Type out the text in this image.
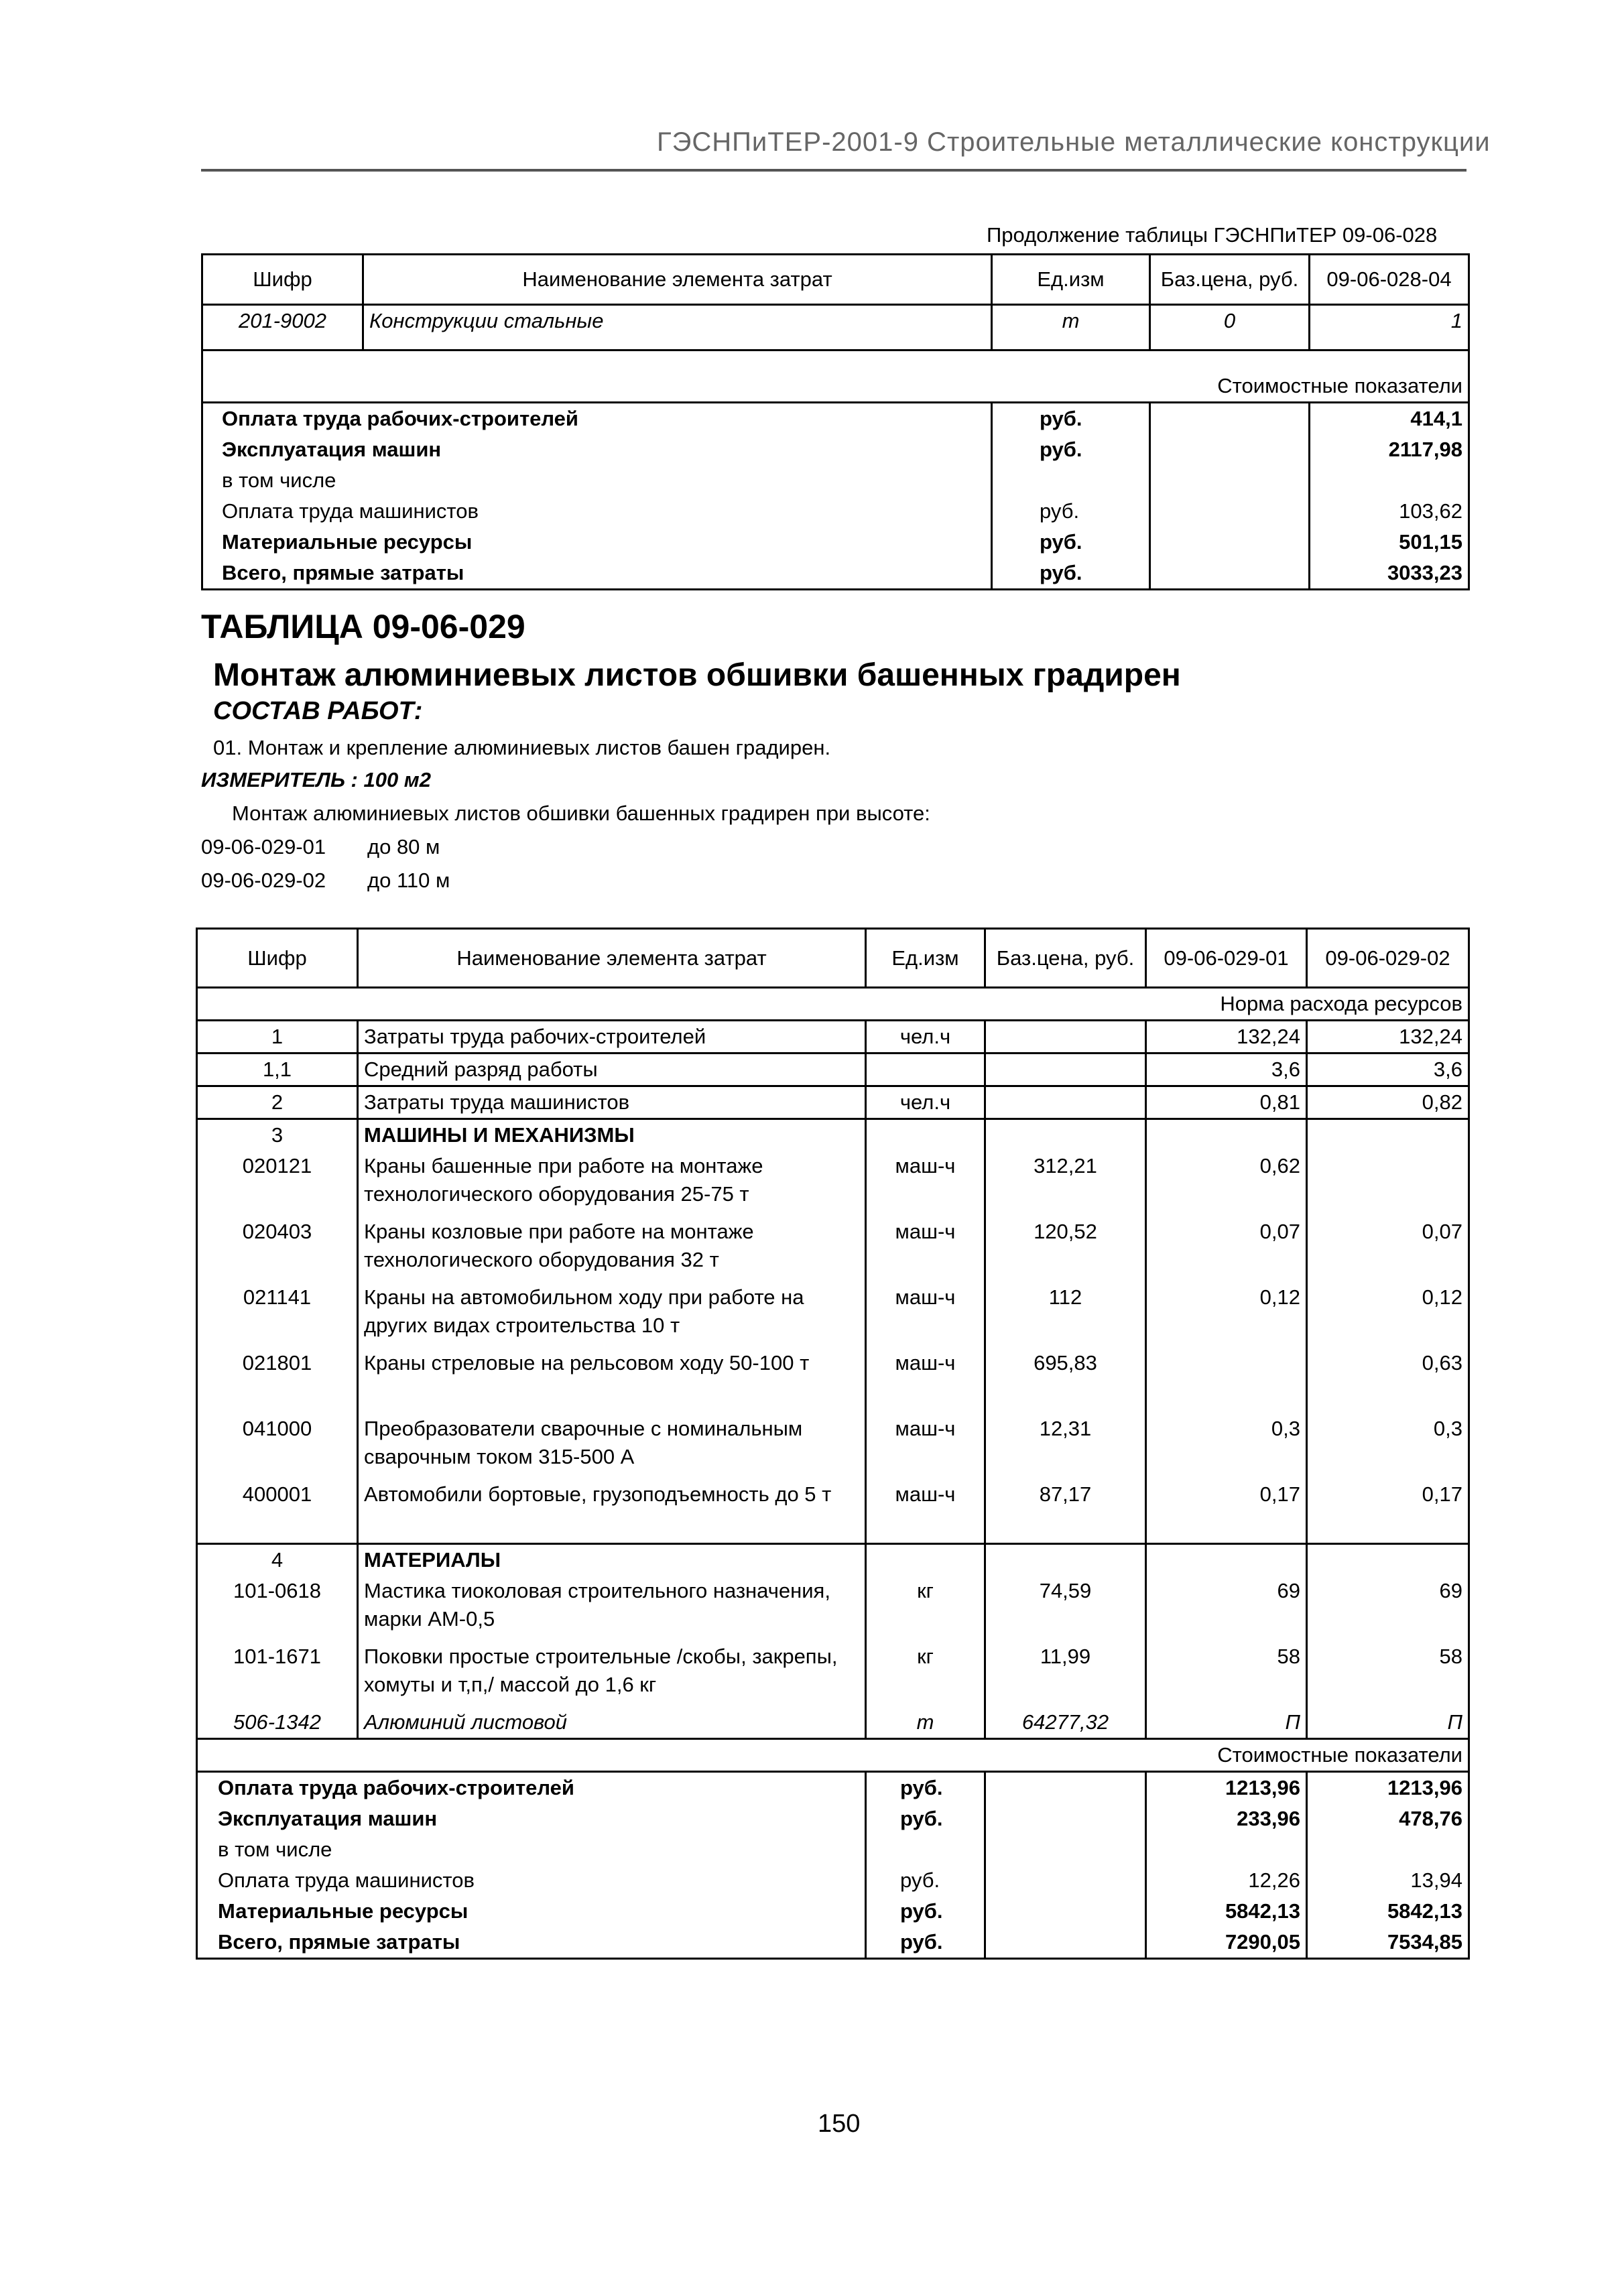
ГЭСНПиТЕР-2001-9 Строительные металлические конструкции
Продолжение таблицы ГЭСНПиТЕР 09-06-028
Шифр	Наименование элемента затрат	Ед.изм	Баз.цена, руб.	09-06-028-04
201-9002	Конструкции стальные	т	0	1

Стоимостные показатели				
Оплата труда рабочих-строителей		руб.		414,1
Эксплуатация машин		руб.		2117,98
в том числе				
Оплата труда машинистов		руб.		103,62
Материальные ресурсы		руб.		501,15
Всего, прямые затраты		руб.		3033,23
ТАБЛИЦА 09-06-029
Монтаж алюминиевых листов обшивки башенных градирен
СОСТАВ РАБОТ:
01. Монтаж и крепление алюминиевых листов башен градирен.
ИЗМЕРИТЕЛЬ : 100 м2
Монтаж алюминиевых листов обшивки башенных градирен при высоте:
09-06-029-01 до 80 м
09-06-029-02 до 110 м
Шифр	Наименование элемента затрат	Ед.изм	Баз.цена, руб.	09-06-029-01	09-06-029-02
Норма расхода ресурсов					
1	Затраты труда рабочих-строителей	чел.ч		132,24	132,24
1,1	Средний разряд работы			3,6	3,6
2	Затраты труда машинистов	чел.ч		0,81	0,82
3	МАШИНЫ И МЕХАНИЗМЫ				
020121	Краны башенные при работе на монтаже технологического оборудования 25-75 т	маш-ч	312,21	0,62	
020403	Краны козловые при работе на монтаже технологического оборудования 32 т	маш-ч	120,52	0,07	0,07
021141	Краны на автомобильном ходу при работе на других видах строительства 10 т	маш-ч	112	0,12	0,12
021801	Краны стреловые на рельсовом ходу 50-100 т	маш-ч	695,83		0,63
041000	Преобразователи сварочные с номинальным сварочным током 315-500 А	маш-ч	12,31	0,3	0,3
400001	Автомобили бортовые, грузоподъемность до 5 т	маш-ч	87,17	0,17	0,17
4	МАТЕРИАЛЫ				
101-0618	Мастика тиоколовая строительного назначения, марки АМ-0,5	кг	74,59	69	69
101-1671	Поковки простые строительные /скобы, закрепы, хомуты и т,п,/ массой до 1,6 кг	кг	11,99	58	58
506-1342	Алюминий листовой	т	64277,32	П	П
Стоимостные показатели					
Оплата труда рабочих-строителей		руб.		1213,96	1213,96
Эксплуатация машин		руб.		233,96	478,76
в том числе					
Оплата труда машинистов		руб.		12,26	13,94
Материальные ресурсы		руб.		5842,13	5842,13
Всего, прямые затраты		руб.		7290,05	7534,85
150
